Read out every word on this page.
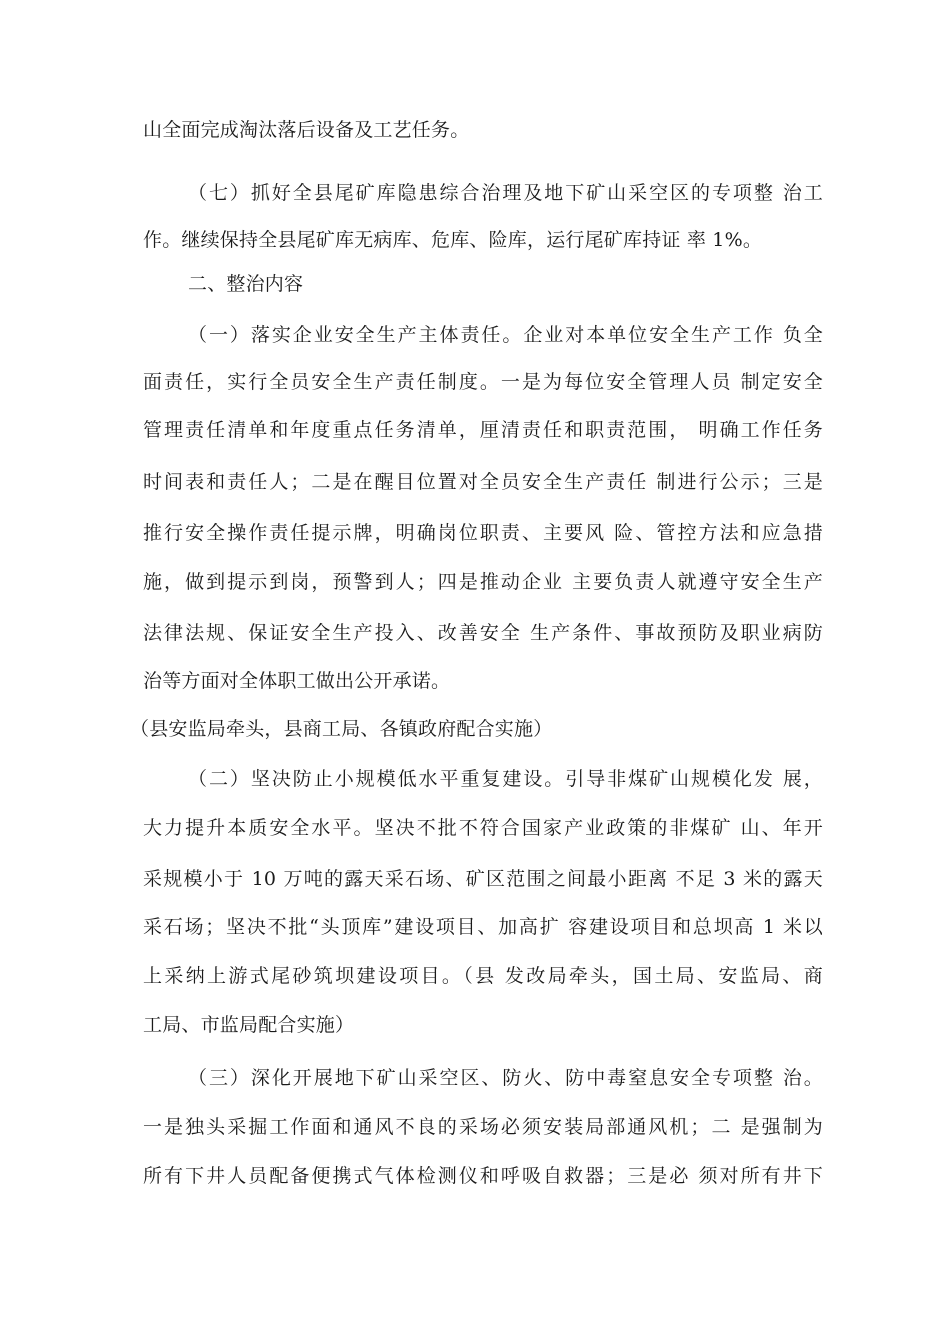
山全面完成淘汰落后设备及工艺任务。
（七）抓好全县尾矿库隐患综合治理及地下矿山采空区的专项整 治工
作。继续保持全县尾矿库无病库、危库、险库，运行尾矿库持证 率 1%。
二、整治内容
（一）落实企业安全生产主体责任。企业对本单位安全生产工作 负全
面责任，实行全员安全生产责任制度。一是为每位安全管理人员 制定安全
管理责任清单和年度重点任务清单，厘清责任和职责范围， 明确工作任务
时间表和责任人；二是在醒目位置对全员安全生产责任 制进行公示；三是
推行安全操作责任提示牌，明确岗位职责、主要风 险、管控方法和应急措
施，做到提示到岗，预警到人；四是推动企业 主要负责人就遵守安全生产
法律法规、保证安全生产投入、改善安全 生产条件、事故预防及职业病防
治等方面对全体职工做出公开承诺。
（县安监局牵头，县商工局、各镇政府配合实施）
（二）坚决防止小规模低水平重复建设。引导非煤矿山规模化发 展，
大力提升本质安全水平。坚决不批不符合国家产业政策的非煤矿 山、年开
采规模小于 10 万吨的露天采石场、矿区范围之间最小距离 不足 3 米的露天
采石场；坚决不批“头顶库”建设项目、加高扩 容建设项目和总坝高 1 米以
上采纳上游式尾砂筑坝建设项目。（县 发改局牵头，国土局、安监局、商
工局、市监局配合实施）
（三）深化开展地下矿山采空区、防火、防中毒窒息安全专项整 治。
一是独头采掘工作面和通风不良的采场必须安装局部通风机；二 是强制为
所有下井人员配备便携式气体检测仪和呼吸自救器；三是必 须对所有井下
